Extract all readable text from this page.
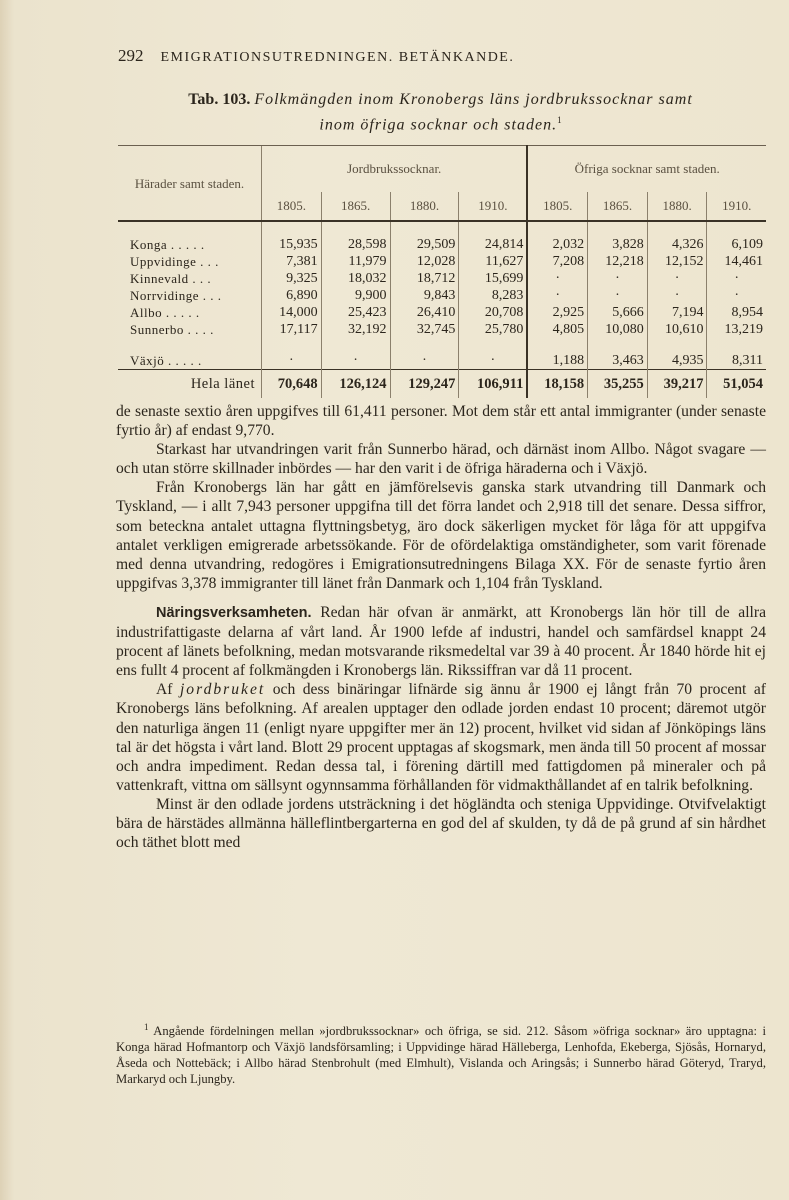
292 EMIGRATIONSUTREDNINGEN. BETÄNKANDE.
Tab. 103. Folkmängden inom Kronobergs läns jordbrukssocknar samt
inom öfriga socknar och staden.$^1$
Härader samt staden.	Jordbrukssocknar.				Öfriga socknar samt staden.			
	1805.	1865.	1880.	1910.	1805.	1865.	1880.	1910.

Konga . . . . .	15,935	28,598	29,509	24,814	2,032	3,828	4,326	6,109
Uppvidinge . . .	7,381	11,979	12,028	11,627	7,208	12,218	12,152	14,461
Kinnevald . . .	9,325	18,032	18,712	15,699	·	·	·	·
Norrvidinge . . .	6,890	9,900	9,843	8,283	·	·	·	·
Allbo . . . . .	14,000	25,423	26,410	20,708	2,925	5,666	7,194	8,954
Sunnerbo . . . .	17,117	32,192	32,745	25,780	4,805	10,080	10,610	13,219

Växjö . . . . .	·	·	·	·	1,188	3,463	4,935	8,311
Hela länet	70,648	126,124	129,247	106,911	18,158	35,255	39,217	51,054

de senaste sextio åren uppgifves till 61,411 personer. Mot dem står ett antal immigranter (under senaste fyrtio år) af endast 9,770.

Starkast har utvandringen varit från Sunnerbo härad, och därnäst inom Allbo. Något svagare — och utan större skillnader inbördes — har den varit i de öfriga häraderna och i Växjö.

Från Kronobergs län har gått en jämförelsevis ganska stark utvandring till Danmark och Tyskland, — i allt 7,943 personer uppgifna till det förra landet och 2,918 till det senare. Dessa siffror, som beteckna antalet uttagna flyttningsbetyg, äro dock säkerligen mycket för låga för att uppgifva antalet verkligen emigrerade arbetssökande. För de ofördelaktiga omständigheter, som varit förenade med denna utvandring, redogöres i Emigrationsutredningens Bilaga XX. För de senaste fyrtio åren uppgifvas 3,378 immigranter till länet från Danmark och 1,104 från Tyskland.

Näringsverksamheten. Redan här ofvan är anmärkt, att Kronobergs län hör till de allra industrifattigaste delarna af vårt land. År 1900 lefde af industri, handel och samfärdsel knappt 24 procent af länets befolkning, medan motsvarande riksmedeltal var 39 à 40 procent. År 1840 hörde hit ej ens fullt 4 procent af folkmängden i Kronobergs län. Rikssiffran var då 11 procent.

Af jordbruket och dess binäringar lifnärde sig ännu år 1900 ej långt från 70 procent af Kronobergs läns befolkning. Af arealen upptager den odlade jorden endast 10 procent; däremot utgör den naturliga ängen 11 (enligt nyare uppgifter mer än 12) procent, hvilket vid sidan af Jönköpings läns tal är det högsta i vårt land. Blott 29 procent upptagas af skogsmark, men ända till 50 procent af mossar och andra impediment. Redan dessa tal, i förening därtill med fattigdomen på mineraler och på vattenkraft, vittna om sällsynt ogynnsamma förhållanden för vidmakthållandet af en talrik befolkning.

Minst är den odlade jordens utsträckning i det högländta och steniga Uppvidinge. Otvifvelaktigt bära de härstädes allmänna hälleflintbergarterna en god del af skulden, ty då de på grund af sin hårdhet och täthet blott med

$^1$ Angående fördelningen mellan »jordbrukssocknar» och öfriga, se sid. 212. Såsom »öfriga socknar» äro upptagna: i Konga härad Hofmantorp och Växjö landsförsamling; i Uppvidinge härad Hälleberga, Lenhofda, Ekeberga, Sjösås, Hornaryd, Åseda och Nottebäck; i Allbo härad Stenbrohult (med Elmhult), Vislanda och Aringsås; i Sunnerbo härad Göteryd, Traryd, Markaryd och Ljungby.
